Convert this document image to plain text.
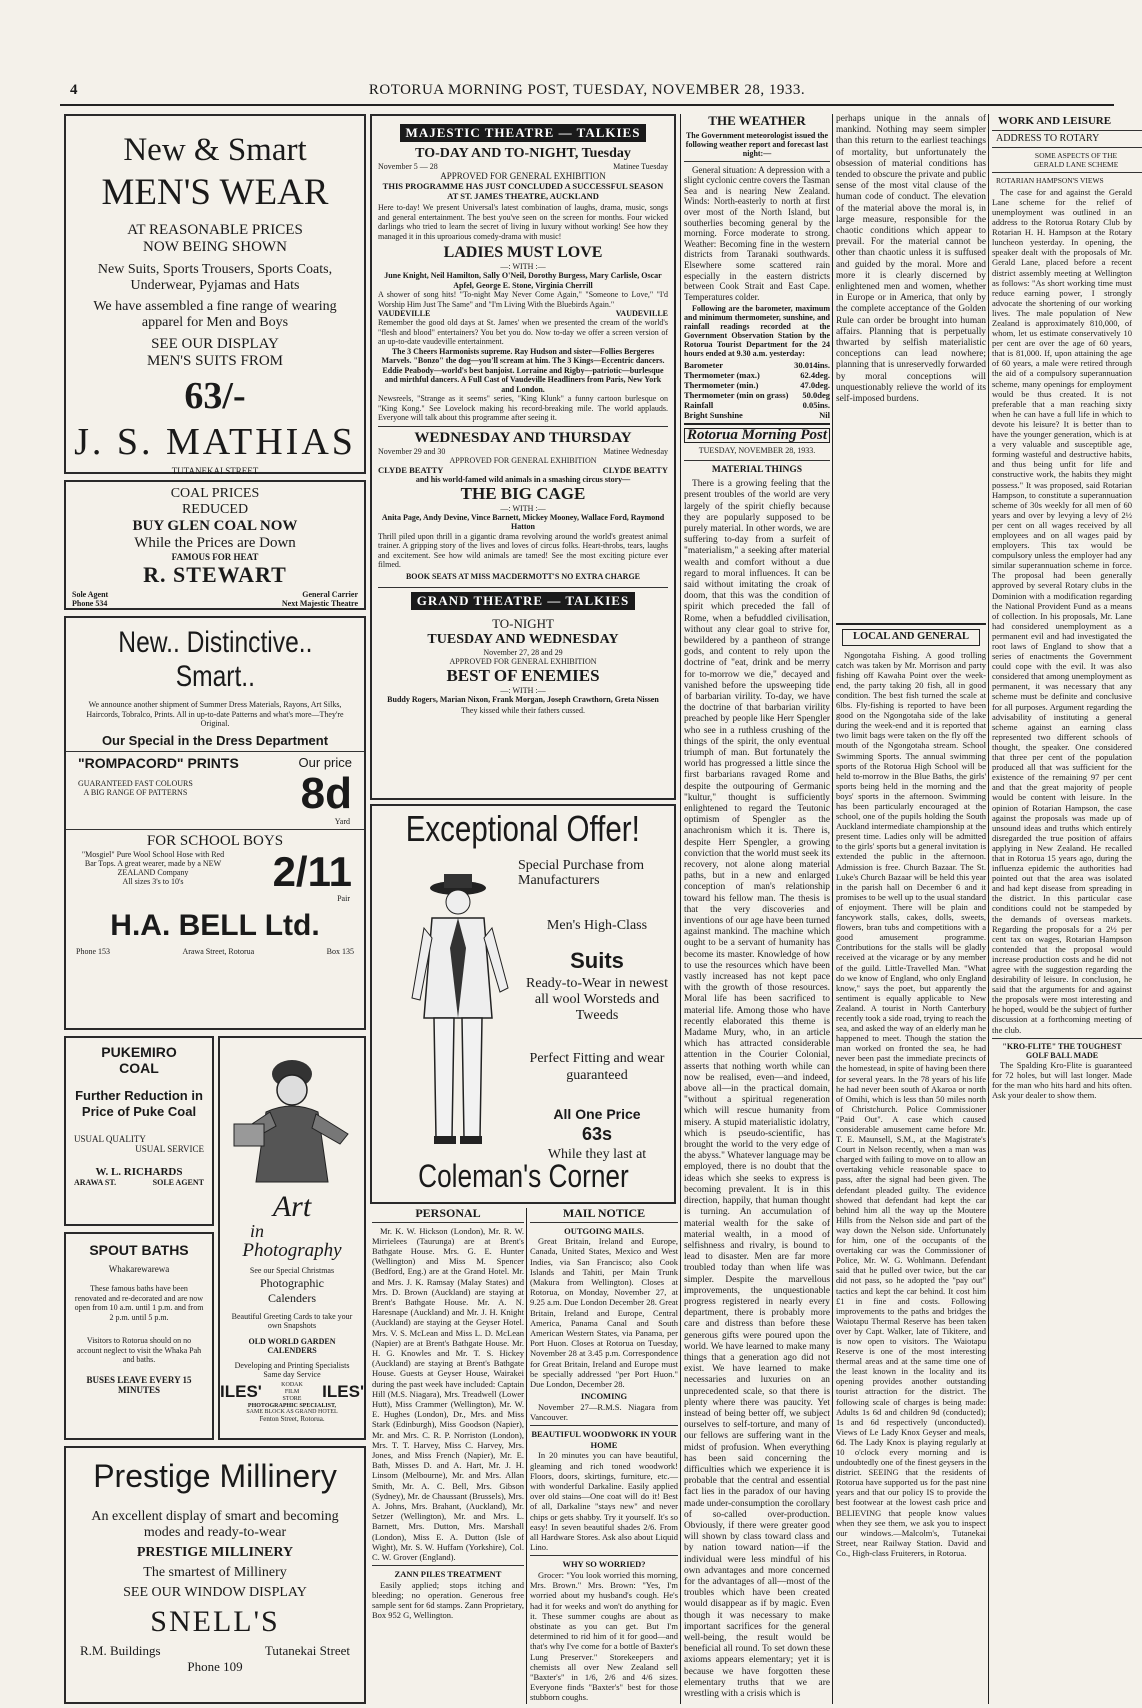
4	ROTORUA MORNING POST, TUESDAY, NOVEMBER 28, 1933.
New & Smart
MEN'S WEAR
AT REASONABLE PRICES
NOW BEING SHOWN
New Suits, Sports Trousers, Sports Coats, Underwear, Pyjamas and Hats
We have assembled a fine range of wearing apparel for Men and Boys
SEE OUR DISPLAY
MEN'S SUITS FROM
63/-
J. S. MATHIAS
TUTANEKAI STREET
COAL PRICES
REDUCED
BUY GLEN COAL NOW
While the Prices are Down
FAMOUS FOR HEAT
R. STEWART
Sole Agent	General Carrier
Phone 534	Next Majestic Theatre
New.. Distinctive..
Smart..
We announce another shipment of Summer Dress Materials, Rayons, Art Silks, Haircords, Tobralco, Prints. All in up-to-date Patterns and what's more—They're Original.
Our Special in the Dress Department
"ROMPACORD" PRINTS	Our price
GUARANTEED FAST COLOURS
A BIG RANGE OF PATTERNS	8d
Yard
FOR SCHOOL BOYS
"Mosgiel" Pure Wool School Hose with Red Bar Tops. A great wearer, made by a NEW ZEALAND Company
All sizes 3's to 10's	2/11
Pair
H.A. BELL Ltd.
Phone 153	Arawa Street, Rotorua	Box 135
PUKEMIRO
COAL
Further Reduction in Price of Puke Coal
USUAL QUALITY
USUAL SERVICE
W. L. RICHARDS
ARAWA ST.	SOLE AGENT
SPOUT BATHS
Whakarewarewa
These famous baths have been renovated and re-decorated and are now open from 10 a.m. until 1 p.m. and from 2 p.m. until 5 p.m.
Visitors to Rotorua should on no account neglect to visit the Whaka Pah and baths.
BUSES LEAVE EVERY 15 MINUTES
Art
in
Photography
See our Special Christmas
Photographic
Calenders
Beautiful Greeting Cards to take your own Snapshots
OLD WORLD GARDEN CALENDERS
Developing and Printing Specialists
Same day Service
ILES'	KODAK FILM STORE	ILES'
PHOTOGRAPHIC SPECIALIST,
SAME BLOCK AS GRAND HOTEL
Fenton Street, Rotorua.
Prestige Millinery
An excellent display of smart and becoming modes and ready-to-wear
PRESTIGE MILLINERY
The smartest of Millinery
SEE OUR WINDOW DISPLAY
SNELL'S
R.M. Buildings	Tutanekai Street
Phone 109
MAJESTIC THEATRE — TALKIES
TO-DAY AND TO-NIGHT, Tuesday
November 5 — 28	Matinee Tuesday
APPROVED FOR GENERAL EXHIBITION
THIS PROGRAMME HAS JUST CONCLUDED A SUCCESSFUL SEASON AT ST. JAMES THEATRE, AUCKLAND
Here to-day! We present Universal's latest combination of laughs, drama, music, songs and general entertainment. The best you've seen on the screen for months. Four wicked darlings who tried to learn the secret of living in luxury without working! See how they managed it in this uproarious comedy-drama with music!
LADIES MUST LOVE
—: WITH :—
June Knight, Neil Hamilton, Sally O'Neil, Dorothy Burgess, Mary Carlisle, Oscar Apfel, George E. Stone, Virginia Cherrill
A shower of song hits! "To-night May Never Come Again," "Someone to Love," "I'd Worship Him Just The Same" and "I'm Living With the Bluebirds Again."
VAUDEVILLE	VAUDEVILLE
Remember the good old days at St. James' when we presented the cream of the world's "flesh and blood" entertainers? You bet you do. Now to-day we offer a screen version of an up-to-date vaudeville entertainment.
The 3 Cheers Harmonists supreme. Ray Hudson and sister—Follies Bergeres Marvels. "Bonzo" the dog—you'll scream at him. The 3 Kings—Eccentric dancers. Eddie Peabody—world's best banjoist. Lorraine and Rigby—patriotic—burlesque and mirthful dancers. A Full Cast of Vaudeville Headliners from Paris, New York and London.
Newsreels, "Strange as it seems" series, "King Klunk" a funny cartoon burlesque on "King Kong." See Lovelock making his record-breaking mile. The world applauds. Everyone will talk about this programme after seeing it.
WEDNESDAY AND THURSDAY
November 29 and 30	Matinee Wednesday
APPROVED FOR GENERAL EXHIBITION
CLYDE BEATTY	CLYDE BEATTY
and his world-famed wild animals in a smashing circus story—
THE BIG CAGE
—: WITH :—
Anita Page, Andy Devine, Vince Barnett, Mickey Mooney, Wallace Ford, Raymond Hatton
Thrill piled upon thrill in a gigantic drama revolving around the world's greatest animal trainer. A gripping story of the lives and loves of circus folks. Heart-throbs, tears, laughs and excitement. See how wild animals are tamed! See the most exciting picture ever filmed.
BOOK SEATS AT MISS MACDERMOTT'S NO EXTRA CHARGE
GRAND THEATRE — TALKIES
TO-NIGHT
TUESDAY AND WEDNESDAY
November 27, 28 and 29
APPROVED FOR GENERAL EXHIBITION
BEST OF ENEMIES
—: WITH :—
Buddy Rogers, Marian Nixon, Frank Morgan, Joseph Crawthorn, Greta Nissen
They kissed while their fathers cussed.
Exceptional Offer!
Special Purchase from Manufacturers
Men's High-Class
Suits
Ready-to-Wear in newest all wool Worsteds and Tweeds
Perfect Fitting and wear guaranteed
All One Price
63s
While they last at
Coleman's Corner
PERSONAL

Mr. K. W. Hickson (London), Mr. R. W. Mirrielees (Taurunga) are at Brent's Bathgate House. Mrs. G. E. Hunter (Wellington) and Miss M. Spencer (Bedford, Eng.) are at the Grand Hotel. Mr. and Mrs. J. K. Ramsay (Malay States) and Mrs. D. Brown (Auckland) are staying at Brent's Bathgate House. Mr. A. N. Haresnape (Auckland) and Mr. J. H. Knight (Auckland) are staying at the Geyser Hotel. Mrs. V. S. McLean and Miss L. D. McLean (Napier) are at Brent's Bathgate House. Mr. H. G. Knowles and Mr. T. S. Hickey (Auckland) are staying at Brent's Bathgate House. Guests at Geyser House, Wairakei during the past week have included: Captain Hill (M.S. Niagara), Mrs. Treadwell (Lower Hutt), Miss Crammer (Wellington), Mr. W. E. Hughes (London), Dr., Mrs. and Miss Stark (Edinburgh), Miss Goodson (Napier), Mr. and Mrs. C. R. P. Norriston (London), Mrs. T. T. Harvey, Miss C. Harvey, Mrs. Jones, and Miss French (Napier), Mr. E. Bath, Misses D. and A. Hart, Mr. J. H. Linsom (Melbourne), Mr. and Mrs. Allan Smith, Mr. A. C. Bell, Mrs. Gibson (Sydney), Mr. de Chaussant (Brussels), Mrs. A. Johns, Mrs. Brahant, (Auckland), Mr. Setzer (Wellington), Mr. and Mrs. L. Barnett, Mrs. Dutton, Mrs. Marshall (London), Miss E. A. Dutton (Isle of Wight), Mr. S. W. Huffam (Yorkshire), Col. C. W. Grover (England).

ZANN PILES TREATMENT

Easily applied; stops itching and bleeding; no operation. Generous free sample sent for 6d stamps. Zann Proprietary, Box 952 G, Wellington.

MAIL NOTICE
OUTGOING MAILS.

Great Britain, Ireland and Europe, Canada, United States, Mexico and West Indies, via San Francisco; also Cook Islands and Tahiti, per Main Trunk (Makura from Wellington). Closes at Rotorua, on Monday, November 27, at 9.25 a.m. Due London December 28. Great Britain, Ireland and Europe, Central America, Panama Canal and South American Western States, via Panama, per Port Huon. Closes at Rotorua on Tuesday, November 28 at 3.45 p.m. Correspondence for Great Britain, Ireland and Europe must be specially addressed "per Port Huon." Due London, December 28.

INCOMING

November 27—R.M.S. Niagara from Vancouver.

BEAUTIFUL WOODWORK IN YOUR HOME

In 20 minutes you can have beautiful, gleaming and rich toned woodwork! Floors, doors, skirtings, furniture, etc.—with wonderful Darkaline. Easily applied over old stains—One coat will do it! Best of all, Darkaline "stays new" and never chips or gets shabby. Try it yourself. It's so easy! In seven beautiful shades 2/6. From all Hardware Stores. Ask also about Liquid Lino.

WHY SO WORRIED?

Grocer: "You look worried this morning, Mrs. Brown." Mrs. Brown: "Yes, I'm worried about my husband's cough. He's had it for weeks and won't do anything for it. These summer coughs are about as obstinate as you can get. But I'm determined to rid him of it for good—and that's why I've come for a bottle of Baxter's Lung Preserver." Storekeepers and chemists all over New Zealand sell "Baxter's" in 1/6, 2/6 and 4/6 sizes. Everyone finds "Baxter's" best for those stubborn coughs.

THE WEATHER
The Government meteorologist issued the following weather report and forecast last night:—

General situation: A depression with a slight cyclonic centre covers the Tasman Sea and is nearing New Zealand. Winds: North-easterly to north at first over most of the North Island, but southerlies becoming general by the morning. Force moderate to strong. Weather: Becoming fine in the western districts from Taranaki southwards. Elsewhere some scattered rain especially in the eastern districts between Cook Strait and East Cape. Temperatures colder.

Following are the barometer, maximum and minimum thermometer, sunshine, and rainfall readings recorded at the Government Observation Station by the Rotorua Tourist Department for the 24 hours ended at 9.30 a.m. yesterday:

Barometer	30.014ins.
Thermometer (max.)	62.4deg.
Thermometer (min.)	47.0deg.
Thermometer (min on grass) 50.0deg
Rainfall	0.05ins.
Bright Sunshine	Nil
Rotorua Morning Post
TUESDAY, NOVEMBER 28, 1933.
MATERIAL THINGS

There is a growing feeling that the present troubles of the world are very largely of the spirit chiefly because they are popularly supposed to be purely material. In other words, we are suffering to-day from a surfeit of "materialism," a seeking after material wealth and comfort without a due regard to moral influences. It can be said without imitating the croak of doom, that this was the condition of spirit which preceded the fall of Rome, when a befuddled civilisation, without any clear goal to strive for, bewildered by a pantheon of strange gods, and content to rely upon the doctrine of "eat, drink and be merry for to-morrow we die," decayed and vanished before the upsweeping tide of barbarian virility. To-day, we have the doctrine of that barbarian virility preached by people like Herr Spengler who see in a ruthless crushing of the things of the spirit, the only eventual triumph of man. But fortunately the world has progressed a little since the first barbarians ravaged Rome and despite the outpouring of Germanic "kultur," thought is sufficiently enlightened to regard the Teutonic optimism of Spengler as the anachronism which it is. There is, despite Herr Spengler, a growing conviction that the world must seek its recovery, not alone along material paths, but in a new and enlarged conception of man's relationship toward his fellow man. The thesis is that the very discoveries and inventions of our age have been turned against mankind. The machine which ought to be a servant of humanity has become its master. Knowledge of how to use the resources which have been vastly increased has not kept pace with the growth of those resources. Moral life has been sacrificed to material life. Among those who have recently elaborated this theme is Madame Mury, who, in an article which has attracted considerable attention in the Courier Colonial, asserts that nothing worth while can now be realised, even—and indeed, above all—in the practical domain, "without a spiritual regeneration which will rescue humanity from misery. A stupid materialistic idolatry, which is pseudo-scientific, has brought the world to the very edge of the abyss." Whatever language may be employed, there is no doubt that the ideas which she seeks to express is becoming prevalent. It is in this direction, happily, that human thought is turning. An accumulation of material wealth for the sake of material wealth, in a mood of selfishness and rivalry, is bound to lead to disaster. Men are far more troubled today than when life was simpler. Despite the marvellous improvements, the unquestionable progress registered in nearly every department, there is probably more care and distress than before these generous gifts were poured upon the world. We have learned to make many things that a generation ago did not exist. We have learned to make necessaries and luxuries on an unprecedented scale, so that there is plenty where there was paucity. Yet instead of being better off, we subject ourselves to self-torture, and many of our fellows are suffering want in the midst of profusion. When everything has been said concerning the difficulties which we experience it is probable that the central and essential fact lies in the paradox of our having made under-consumption the corollary of so-called over-production. Obviously, if there were greater good will shown by class toward class and by nation toward nation—if the individual were less mindful of his own advantages and more concerned for the advantages of all—most of the troubles which have been created would disappear as if by magic. Even though it was necessary to make important sacrifices for the general well-being, the result would be beneficial all round. To set down these axioms appears elementary; yet it is because we have forgotten these elementary truths that we are wrestling with a crisis which is

perhaps unique in the annals of mankind. Nothing may seem simpler than this return to the earliest teachings of mortality, but unfortunately the obsession of material conditions has tended to obscure the private and public sense of the most vital clause of the human code of conduct. The elevation of the material above the moral is, in large measure, responsible for the chaotic conditions which appear to prevail. For the material cannot be other than chaotic unless it is suffused and guided by the moral. More and more it is clearly discerned by enlightened men and women, whether in Europe or in America, that only by the complete acceptance of the Golden Rule can order be brought into human affairs. Planning that is perpetually thwarted by selfish materialistic conceptions can lead nowhere; planning that is unreservedly forwarded by moral conceptions will unquestionably relieve the world of its self-imposed burdens.

LOCAL AND GENERAL

Ngongotaha Fishing. A good trolling catch was taken by Mr. Morrison and party fishing off Kawaha Point over the week-end, the party taking 20 fish, all in good condition. The best fish turned the scale at 6lbs. Fly-fishing is reported to have been good on the Ngongotaha side of the lake during the week-end and it is reported that two limit bags were taken on the fly off the mouth of the Ngongotaha stream. School Swimming Sports. The annual swimming sports of the Rotorua High School will be held to-morrow in the Blue Baths, the girls' sports being held in the morning and the boys' sports in the afternoon. Swimming has been particularly encouraged at the school, one of the pupils holding the South Auckland intermediate championship at the present time. Ladies only will be admitted to the girls' sports but a general invitation is extended the public in the afternoon. Admission is free. Church Bazaar. The St. Luke's Church Bazaar will be held this year in the parish hall on December 6 and it promises to be well up to the usual standard of enjoyment. There will be plain and fancywork stalls, cakes, dolls, sweets, flowers, bran tubs and competitions with a good amusement programme. Contributions for the stalls will be gladly received at the vicarage or by any member of the guild. Little-Travelled Man. "What do we know of England, who only England know," says the poet, but apparently the sentiment is equally applicable to New Zealand. A tourist in North Canterbury recently took a side road, trying to reach the sea, and asked the way of an elderly man he happened to meet. Though the station the man worked on fronted the sea, he had never been past the immediate precincts of the homestead, in spite of having been there for several years. In the 78 years of his life he had never been south of Akaroa or north of Omihi, which is less than 50 miles north of Christchurch. Police Commissioner "Paid Out". A case which caused considerable amusement came before Mr. T. E. Maunsell, S.M., at the Magistrate's Court in Nelson recently, when a man was charged with failing to move on to allow an overtaking vehicle reasonable space to pass, after the signal had been given. The defendant pleaded guilty. The evidence showed that defendant had kept the car behind him all the way up the Moutere Hills from the Nelson side and part of the way down the Nelson side. Unfortunately for him, one of the occupants of the overtaking car was the Commissioner of Police, Mr. W. G. Wohlmann. Defendant said that he pulled over twice, but the car did not pass, so he adopted the "pay out" tactics and kept the car behind. It cost him £1 in fine and costs. Following improvements to the paths and bridges the Waiotapu Thermal Reserve has been taken over by Capt. Walker, late of Tikitere, and is now open to visitors. The Waiotapu Reserve is one of the most interesting thermal areas and at the same time one of the least known in the locality and its opening provides another outstanding tourist attraction for the district. The following scale of charges is being made: Adults 1s 6d and children 9d (conducted); 1s and 6d respectively (unconducted). Views of Le Lady Knox Geyser and meals, 6d. The Lady Knox is playing regularly at 10 o'clock every morning and is undoubtedly one of the finest geysers in the district. SEEING that the residents of Rotorua have supported us for the past nine years and that our policy IS to provide the best footwear at the lowest cash price and BELIEVING that people know values when they see them, we ask you to inspect our windows.—Malcolm's, Tutanekai Street, near Railway Station. David and Co., High-class Fruiterers, in Rotorua.

WORK AND LEISURE
ADDRESS TO ROTARY
SOME ASPECTS OF THE GERALD LANE SCHEME
ROTARIAN HAMPSON'S VIEWS

The case for and against the Gerald Lane scheme for the relief of unemployment was outlined in an address to the Rotorua Rotary Club by Rotarian H. H. Hampson at the Rotary luncheon yesterday. In opening, the speaker dealt with the proposals of Mr. Gerald Lane, placed before a recent district assembly meeting at Wellington as follows: "As short working time must reduce earning power, I strongly advocate the shortening of our working lives. The male population of New Zealand is approximately 810,000, of whom, let us estimate conservatively 10 per cent are over the age of 60 years, that is 81,000. If, upon attaining the age of 60 years, a male were retired through the aid of a compulsory superannuation scheme, many openings for employment would be thus created. It is not preferable that a man reaching sixty when he can have a full life in which to devote his leisure? It is better than to have the younger generation, which is at a very valuable and susceptible age, forming wasteful and destructive habits, and thus being unfit for life and constructive work, the habits they might possess." It was proposed, said Rotarian Hampson, to constitute a superannuation scheme of 30s weekly for all men of 60 years and over by levying a levy of 2½ per cent on all wages received by all employees and on all wages paid by employers. This tax would be compulsory unless the employer had any similar superannuation scheme in force. The proposal had been generally approved by several Rotary clubs in the Dominion with a modification regarding the National Provident Fund as a means of collection. In his proposals, Mr. Lane had considered unemployment as a permanent evil and had investigated the root laws of England to show that a series of enactments the Government could cope with the evil. It was also considered that among unemployment as permanent, it was necessary that any scheme must be definite and conclusive for all purposes. Argument regarding the advisability of instituting a general scheme against an earning class represented two different schools of thought, the speaker. One considered that three per cent of the population produced all that was sufficient for the existence of the remaining 97 per cent and that the great majority of people would be content with leisure. In the opinion of Rotarian Hampson, the case against the proposals was made up of unsound ideas and truths which entirely disregarded the true position of affairs applying in New Zealand. He recalled that in Rotorua 15 years ago, during the influenza epidemic the authorities had pointed out that the area was isolated and had kept disease from spreading in the district. In this particular case conditions could not be stampeded by the demands of overseas markets. Regarding the proposals for a 2½ per cent tax on wages, Rotarian Hampson contended that the proposal would increase production costs and he did not agree with the suggestion regarding the desirability of leisure. In conclusion, he said that the arguments for and against the proposals were most interesting and he hoped, would be the subject of further discussion at a forthcoming meeting of the club.

"KRO-FLITE" THE TOUGHEST GOLF BALL MADE

The Spalding Kro-Flite is guaranteed for 72 holes, but will last longer. Made for the man who hits hard and hits often. Ask your dealer to show them.
